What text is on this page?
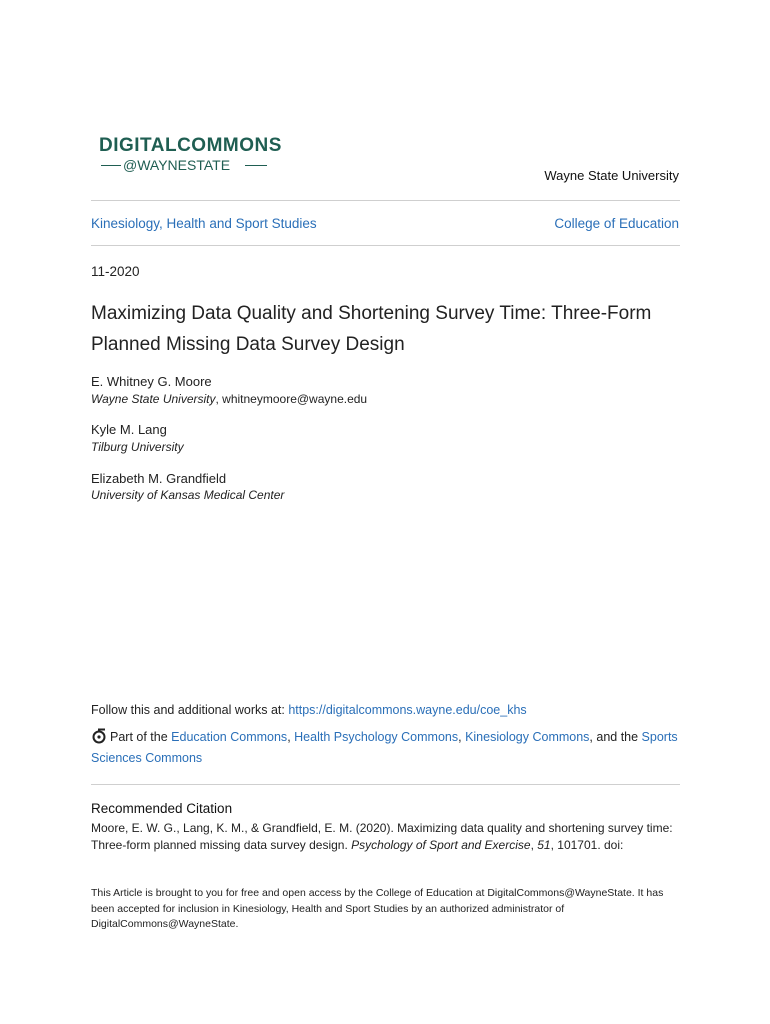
DIGITALCOMMONS
@WAYNESTATE
Wayne State University
Kinesiology, Health and Sport Studies	College of Education
11-2020
Maximizing Data Quality and Shortening Survey Time: Three-Form Planned Missing Data Survey Design
E. Whitney G. Moore
Wayne State University, whitneymoore@wayne.edu
Kyle M. Lang
Tilburg University
Elizabeth M. Grandfield
University of Kansas Medical Center
Follow this and additional works at: https://digitalcommons.wayne.edu/coe_khs
Part of the Education Commons, Health Psychology Commons, Kinesiology Commons, and the Sports Sciences Commons
Recommended Citation
Moore, E. W. G., Lang, K. M., & Grandfield, E. M. (2020). Maximizing data quality and shortening survey time: Three-form planned missing data survey design. Psychology of Sport and Exercise, 51, 101701. doi:
This Article is brought to you for free and open access by the College of Education at DigitalCommons@WayneState. It has been accepted for inclusion in Kinesiology, Health and Sport Studies by an authorized administrator of DigitalCommons@WayneState.
